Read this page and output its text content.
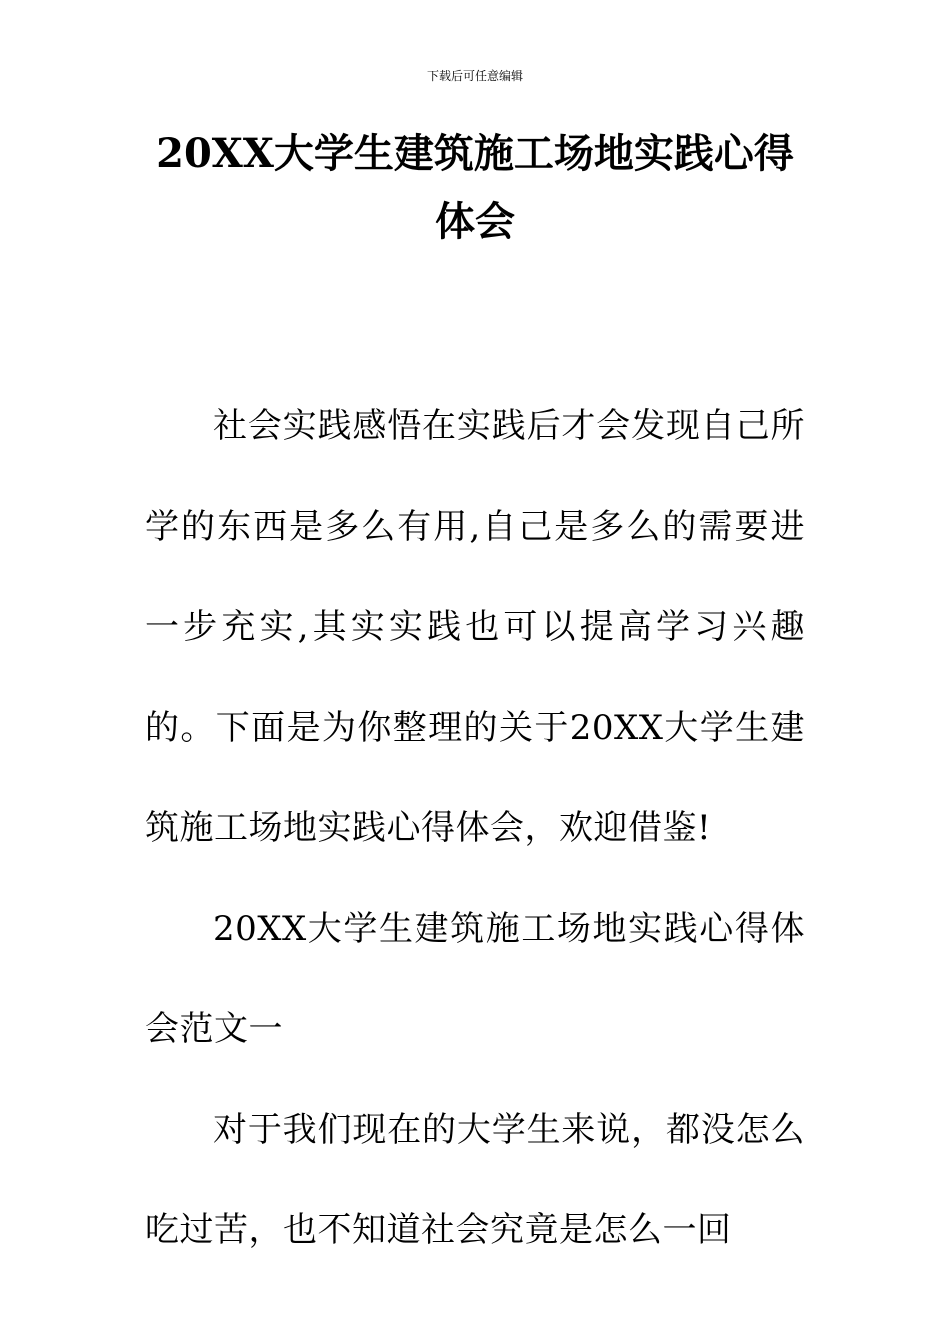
下载后可任意编辑
20XX大学生建筑施工场地实践心得体会

社会实践感悟在实践后才会发现自己所学的东西是多么有用,自己是多么的需要进一步充实,其实实践也可以提高学习兴趣的。下面是为你整理的关于20XX大学生建筑施工场地实践心得体会，欢迎借鉴!

20XX大学生建筑施工场地实践心得体会范文一

对于我们现在的大学生来说，都没怎么吃过苦，也不知道社会究竟是怎么一回
